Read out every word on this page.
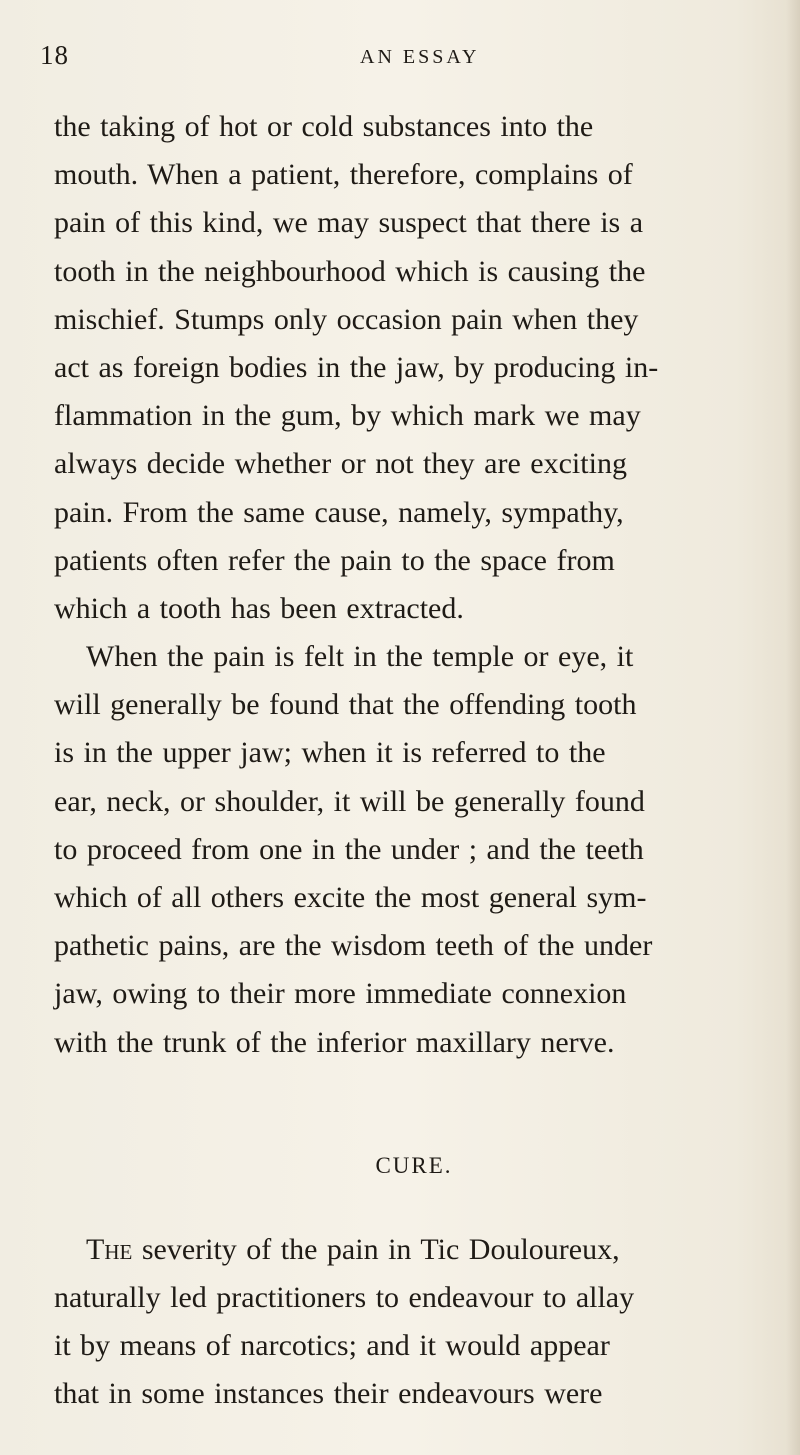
18	AN ESSAY
the taking of hot or cold substances into the
mouth. When a patient, therefore, complains of
pain of this kind, we may suspect that there is a
tooth in the neighbourhood which is causing the
mischief. Stumps only occasion pain when they
act as foreign bodies in the jaw, by producing in-
flammation in the gum, by which mark we may
always decide whether or not they are exciting
pain. From the same cause, namely, sympathy,
patients often refer the pain to the space from
which a tooth has been extracted.
When the pain is felt in the temple or eye, it
will generally be found that the offending tooth
is in the upper jaw; when it is referred to the
ear, neck, or shoulder, it will be generally found
to proceed from one in the under ; and the teeth
which of all others excite the most general sym-
pathetic pains, are the wisdom teeth of the under
jaw, owing to their more immediate connexion
with the trunk of the inferior maxillary nerve.
CURE.
The severity of the pain in Tic Douloureux,
naturally led practitioners to endeavour to allay
it by means of narcotics; and it would appear
that in some instances their endeavours were
